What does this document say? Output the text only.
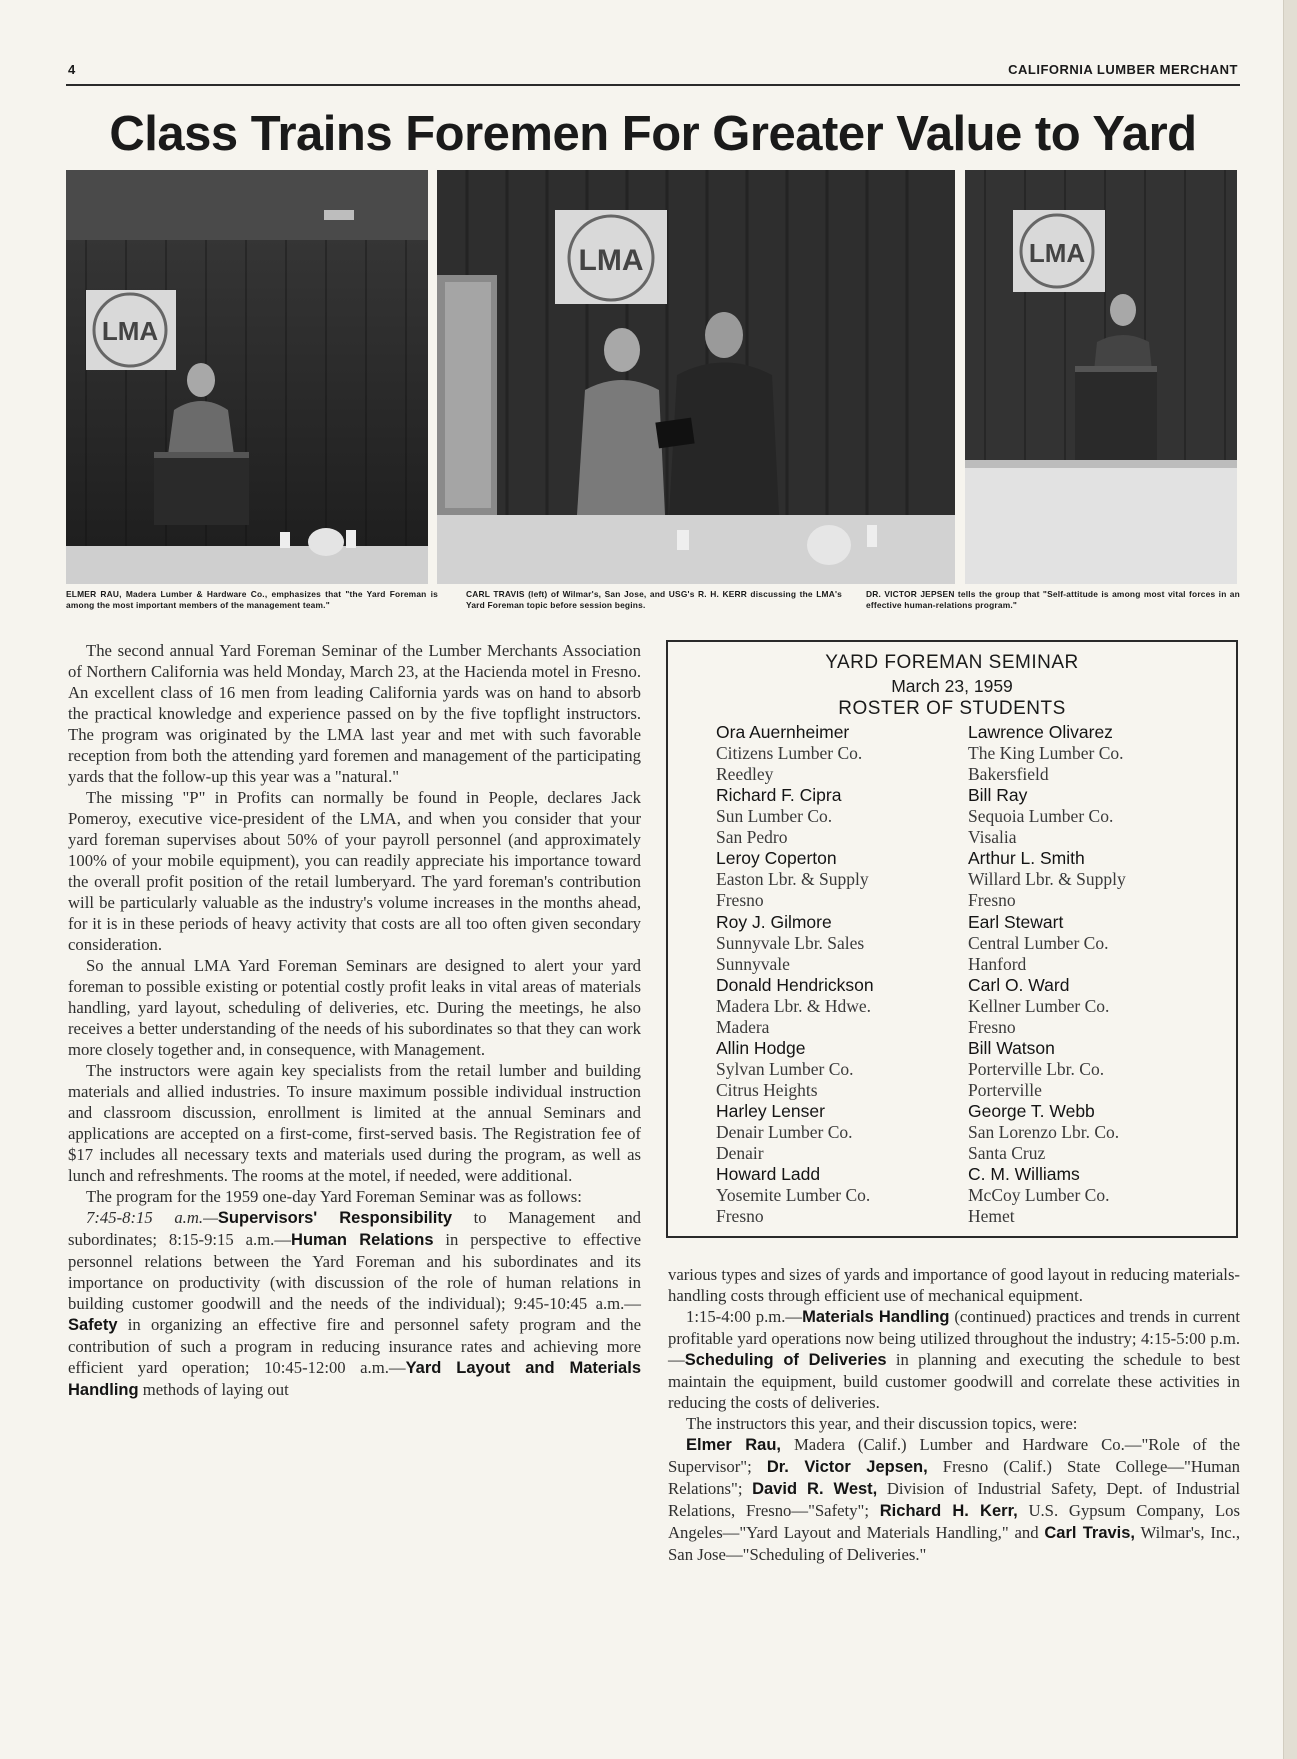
4	CALIFORNIA LUMBER MERCHANT
Class Trains Foremen For Greater Value to Yard
LMA
LMA	LMA
ELMER RAU, Madera Lumber & Hardware Co., emphasizes that "the Yard Foreman is among the most important members of the management team."
CARL TRAVIS (left) of Wilmar's, San Jose, and USG's R. H. KERR discussing the LMA's Yard Foreman topic before session begins.
DR. VICTOR JEPSEN tells the group that "Self-attitude is among most vital forces in an effective human-relations program."

The second annual Yard Foreman Seminar of the Lumber Merchants Association of Northern California was held Monday, March 23, at the Hacienda motel in Fresno. An excellent class of 16 men from leading California yards was on hand to absorb the practical knowledge and experience passed on by the five topflight instructors. The program was originated by the LMA last year and met with such favorable reception from both the attending yard foremen and management of the participating yards that the follow-up this year was a "natural."

The missing "P" in Profits can normally be found in People, declares Jack Pomeroy, executive vice-president of the LMA, and when you consider that your yard foreman supervises about 50% of your payroll personnel (and approximately 100% of your mobile equipment), you can readily appreciate his importance toward the overall profit position of the retail lumberyard. The yard foreman's contribution will be particularly valuable as the industry's volume increases in the months ahead, for it is in these periods of heavy activity that costs are all too often given secondary consideration.

So the annual LMA Yard Foreman Seminars are designed to alert your yard foreman to possible existing or potential costly profit leaks in vital areas of materials handling, yard layout, scheduling of deliveries, etc. During the meetings, he also receives a better understanding of the needs of his subordinates so that they can work more closely together and, in consequence, with Management.

The instructors were again key specialists from the retail lumber and building materials and allied industries. To insure maximum possible individual instruction and classroom discussion, enrollment is limited at the annual Seminars and applications are accepted on a first-come, first-served basis. The Registration fee of $17 includes all necessary texts and materials used during the program, as well as lunch and refreshments. The rooms at the motel, if needed, were additional.

The program for the 1959 one-day Yard Foreman Seminar was as follows:

7:45-8:15 a.m.—Supervisors' Responsibility to Management and subordinates; 8:15-9:15 a.m.—Human Relations in perspective to effective personnel relations between the Yard Foreman and his subordinates and its importance on productivity (with discussion of the role of human relations in building customer goodwill and the needs of the individual); 9:45-10:45 a.m.—Safety in organizing an effective fire and personnel safety program and the contribution of such a program in reducing insurance rates and achieving more efficient yard operation; 10:45-12:00 a.m.—Yard Layout and Materials Handling methods of laying out

YARD FOREMAN SEMINAR
March 23, 1959
ROSTER OF STUDENTS
Ora Auernheimer
Citizens Lumber Co.
Reedley
Richard F. Cipra
Sun Lumber Co.
San Pedro
Leroy Coperton
Easton Lbr. & Supply
Fresno
Roy J. Gilmore
Sunnyvale Lbr. Sales
Sunnyvale
Donald Hendrickson
Madera Lbr. & Hdwe.
Madera
Allin Hodge
Sylvan Lumber Co.
Citrus Heights
Harley Lenser
Denair Lumber Co.
Denair
Howard Ladd
Yosemite Lumber Co.
Fresno
Lawrence Olivarez
The King Lumber Co.
Bakersfield
Bill Ray
Sequoia Lumber Co.
Visalia
Arthur L. Smith
Willard Lbr. & Supply
Fresno
Earl Stewart
Central Lumber Co.
Hanford
Carl O. Ward
Kellner Lumber Co.
Fresno
Bill Watson
Porterville Lbr. Co.
Porterville
George T. Webb
San Lorenzo Lbr. Co.
Santa Cruz
C. M. Williams
McCoy Lumber Co.
Hemet

various types and sizes of yards and importance of good layout in reducing materials-handling costs through efficient use of mechanical equipment.

1:15-4:00 p.m.—Materials Handling (continued) practices and trends in current profitable yard operations now being utilized throughout the industry; 4:15-5:00 p.m.—Scheduling of Deliveries in planning and executing the schedule to best maintain the equipment, build customer goodwill and correlate these activities in reducing the costs of deliveries.

The instructors this year, and their discussion topics, were:

Elmer Rau, Madera (Calif.) Lumber and Hardware Co.—"Role of the Supervisor"; Dr. Victor Jepsen, Fresno (Calif.) State College—"Human Relations"; David R. West, Division of Industrial Safety, Dept. of Industrial Relations, Fresno—"Safety"; Richard H. Kerr, U.S. Gypsum Company, Los Angeles—"Yard Layout and Materials Handling," and Carl Travis, Wilmar's, Inc., San Jose—"Scheduling of Deliveries."
